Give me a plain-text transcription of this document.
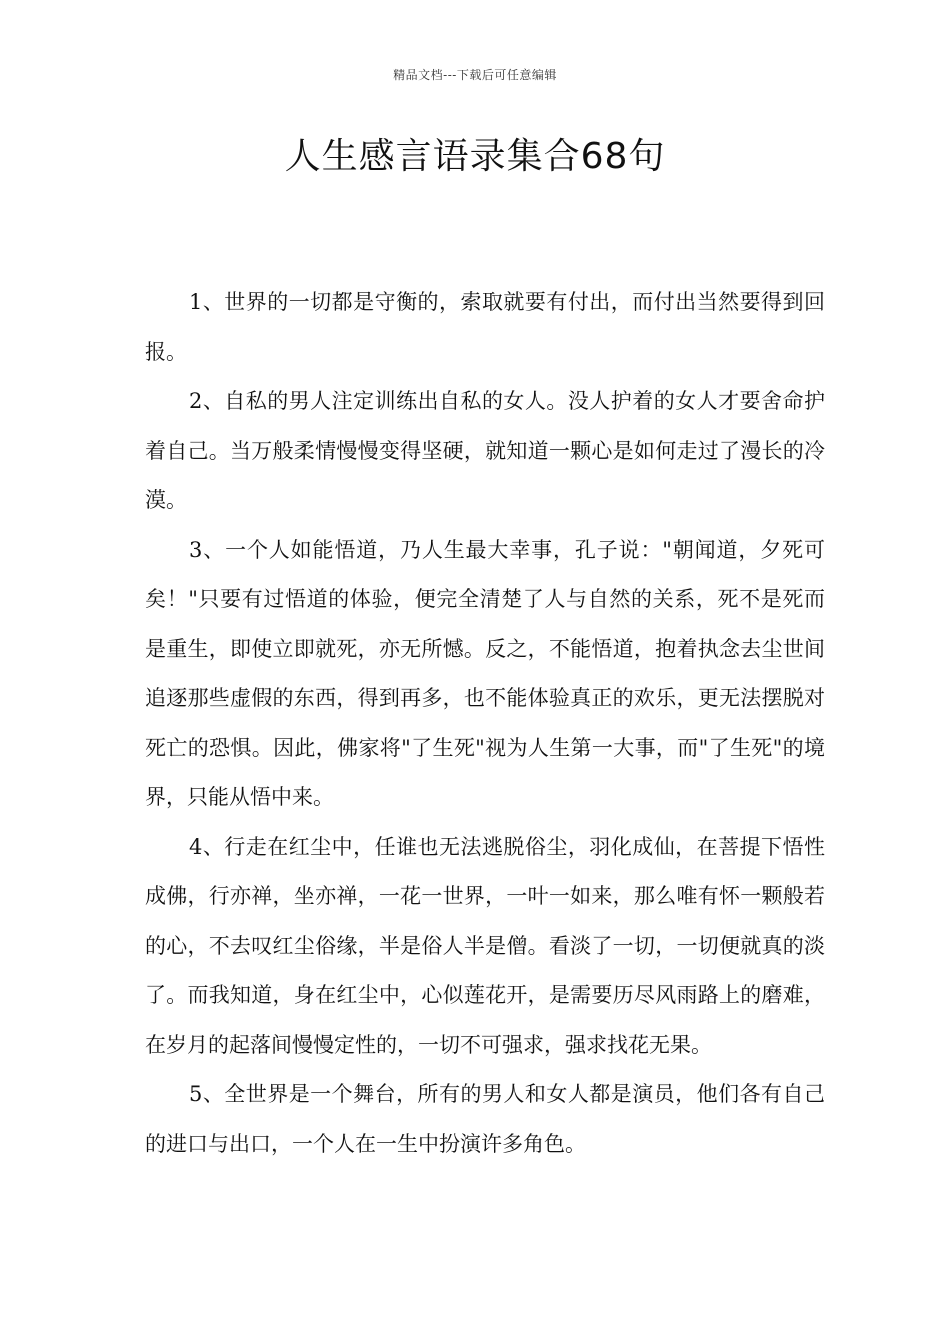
精品文档---下载后可任意编辑
人生感言语录集合68句

1、世界的一切都是守衡的，索取就要有付出，而付出当然要得到回报。

2、自私的男人注定训练出自私的女人。没人护着的女人才要舍命护着自己。当万般柔情慢慢变得坚硬，就知道一颗心是如何走过了漫长的冷漠。

3、一个人如能悟道，乃人生最大幸事，孔子说："朝闻道，夕死可矣！"只要有过悟道的体验，便完全清楚了人与自然的关系，死不是死而是重生，即使立即就死，亦无所憾。反之，不能悟道，抱着执念去尘世间追逐那些虚假的东西，得到再多，也不能体验真正的欢乐，更无法摆脱对死亡的恐惧。因此，佛家将"了生死"视为人生第一大事，而"了生死"的境界，只能从悟中来。

4、行走在红尘中，任谁也无法逃脱俗尘，羽化成仙，在菩提下悟性成佛，行亦禅，坐亦禅，一花一世界，一叶一如来，那么唯有怀一颗般若的心，不去叹红尘俗缘，半是俗人半是僧。看淡了一切，一切便就真的淡了。而我知道，身在红尘中，心似莲花开，是需要历尽风雨路上的磨难，在岁月的起落间慢慢定性的，一切不可强求，强求找花无果。

5、全世界是一个舞台，所有的男人和女人都是演员，他们各有自己的进口与出口，一个人在一生中扮演许多角色。
